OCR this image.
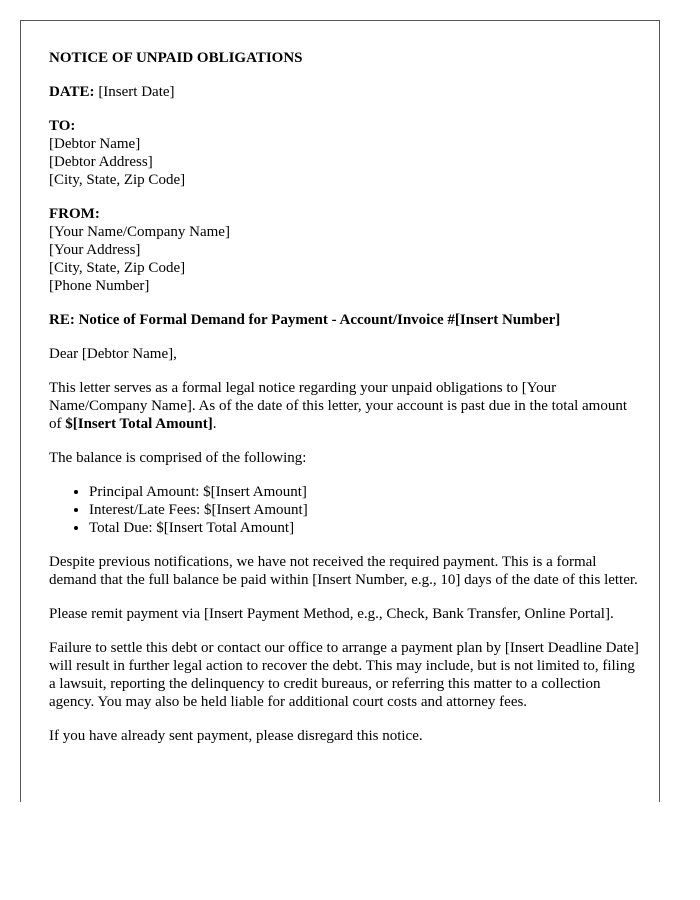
NOTICE OF UNPAID OBLIGATIONS

DATE: [Insert Date]

TO:
[Debtor Name]
[Debtor Address]
[City, State, Zip Code]
FROM:
[Your Name/Company Name]
[Your Address]
[City, State, Zip Code]
[Phone Number]

RE: Notice of Formal Demand for Payment - Account/Invoice #[Insert Number]

Dear [Debtor Name],

This letter serves as a formal legal notice regarding your unpaid obligations to [Your Name/Company Name]. As of the date of this letter, your account is past due in the total amount of $[Insert Total Amount].

The balance is comprised of the following:

• Principal Amount: $[Insert Amount]
• Interest/Late Fees: $[Insert Amount]
• Total Due: $[Insert Total Amount]

Despite previous notifications, we have not received the required payment. This is a formal demand that the full balance be paid within [Insert Number, e.g., 10] days of the date of this letter.

Please remit payment via [Insert Payment Method, e.g., Check, Bank Transfer, Online Portal].

Failure to settle this debt or contact our office to arrange a payment plan by [Insert Deadline Date] will result in further legal action to recover the debt. This may include, but is not limited to, filing a lawsuit, reporting the delinquency to credit bureaus, or referring this matter to a collection agency. You may also be held liable for additional court costs and attorney fees.

If you have already sent payment, please disregard this notice.
